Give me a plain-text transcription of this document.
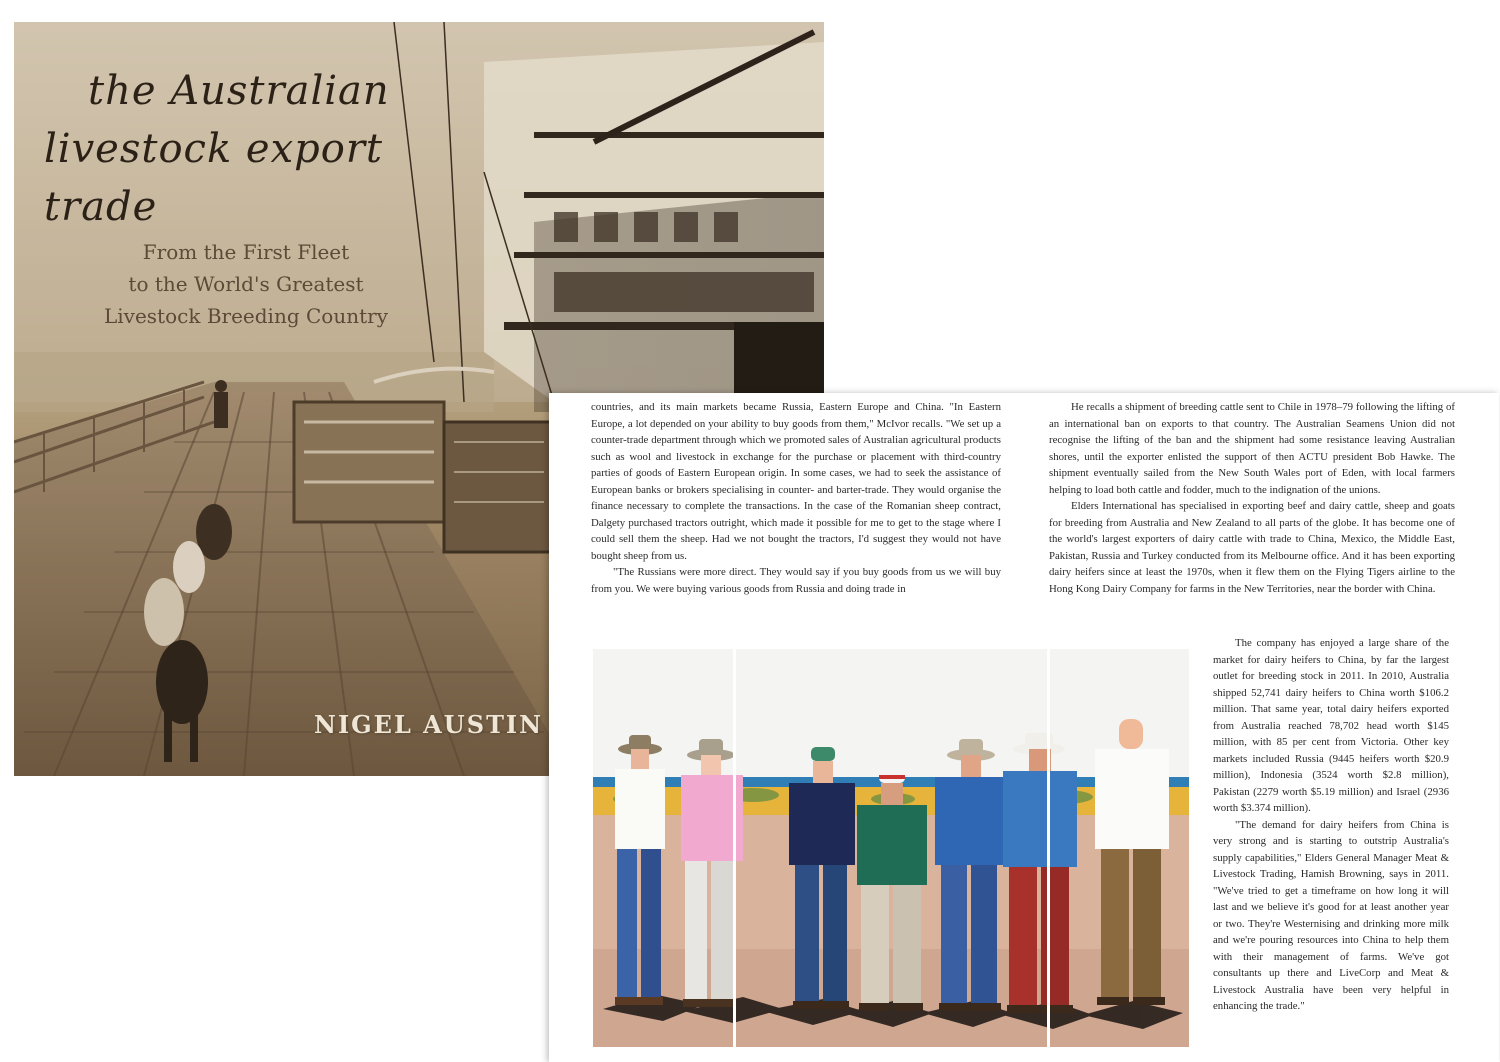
the Australian
livestock export trade
From the First Fleet
to the World's Greatest
Livestock Breeding Country
NIGEL AUSTIN

countries, and its main markets became Russia, Eastern Europe and China. "In Eastern Europe, a lot depended on your ability to buy goods from them," McIvor recalls. "We set up a counter-trade department through which we promoted sales of Australian agricultural products such as wool and livestock in exchange for the purchase or placement with third-country parties of goods of Eastern European origin. In some cases, we had to seek the assistance of European banks or brokers specialising in counter- and barter-trade. They would organise the finance necessary to complete the transactions. In the case of the Romanian sheep contract, Dalgety purchased tractors outright, which made it possible for me to get to the stage where I could sell them the sheep. Had we not bought the tractors, I'd suggest they would not have bought sheep from us.

"The Russians were more direct. They would say if you buy goods from us we will buy from you. We were buying various goods from Russia and doing trade in

He recalls a shipment of breeding cattle sent to Chile in 1978–79 following the lifting of an international ban on exports to that country. The Australian Seamens Union did not recognise the lifting of the ban and the shipment had some resistance leaving Australian shores, until the exporter enlisted the support of then ACTU president Bob Hawke. The shipment eventually sailed from the New South Wales port of Eden, with local farmers helping to load both cattle and fodder, much to the indignation of the unions.

Elders International has specialised in exporting beef and dairy cattle, sheep and goats for breeding from Australia and New Zealand to all parts of the globe. It has become one of the world's largest exporters of dairy cattle with trade to China, Mexico, the Middle East, Pakistan, Russia and Turkey conducted from its Melbourne office. And it has been exporting dairy heifers since at least the 1970s, when it flew them on the Flying Tigers airline to the Hong Kong Dairy Company for farms in the New Territories, near the border with China.

The company has enjoyed a large share of the market for dairy heifers to China, by far the largest outlet for breeding stock in 2011. In 2010, Australia shipped 52,741 dairy heifers to China worth $106.2 million. That same year, total dairy heifers exported from Australia reached 78,702 head worth $145 million, with 85 per cent from Victoria. Other key markets included Russia (9445 heifers worth $20.9 million), Indonesia (3524 worth $2.8 million), Pakistan (2279 worth $5.19 million) and Israel (2936 worth $3.374 million).

"The demand for dairy heifers from China is very strong and is starting to outstrip Australia's supply capabilities," Elders General Manager Meat & Livestock Trading, Hamish Browning, says in 2011. "We've tried to get a timeframe on how long it will last and we believe it's good for at least another year or two. They're Westernising and drinking more milk and we're pouring resources into China to help them with their management of farms. We've got consultants up there and LiveCorp and Meat & Livestock Australia have been very helpful in enhancing the trade."
